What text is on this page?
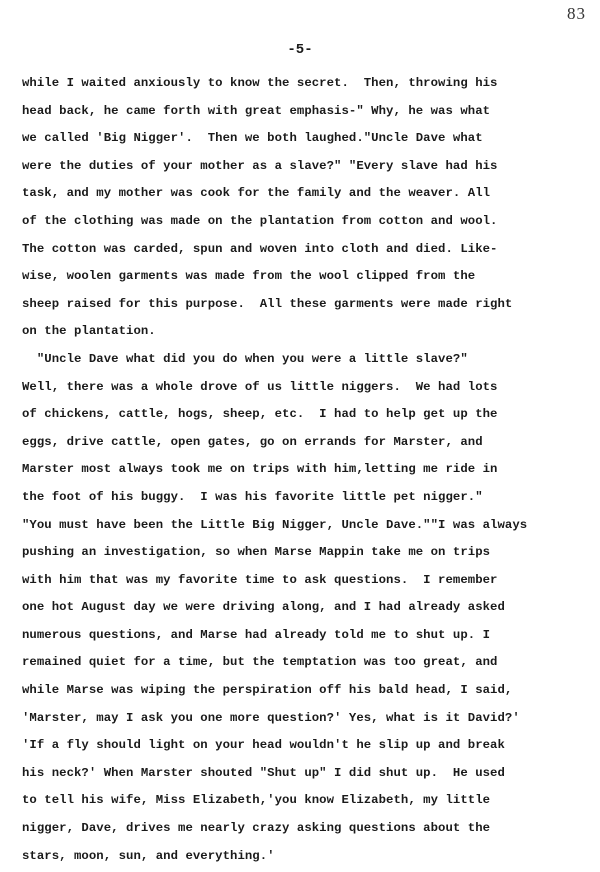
83
-5-
while I waited anxiously to know the secret.  Then, throwing his
head back, he came forth with great emphasis-" Why, he was what
we called 'Big Nigger'.  Then we both laughed."Uncle Dave what
were the duties of your mother as a slave?" "Every slave had his
task, and my mother was cook for the family and the weaver. All
of the clothing was made on the plantation from cotton and wool.
The cotton was carded, spun and woven into cloth and died. Like-
wise, woolen garments was made from the wool clipped from the
sheep raised for this purpose.  All these garments were made right
on the plantation.
"Uncle Dave what did you do when you were a little slave?"
Well, there was a whole drove of us little niggers.  We had lots
of chickens, cattle, hogs, sheep, etc.  I had to help get up the
eggs, drive cattle, open gates, go on errands for Marster, and
Marster most always took me on trips with him,letting me ride in
the foot of his buggy.  I was his favorite little pet nigger."
"You must have been the Little Big Nigger, Uncle Dave.""I was always
pushing an investigation, so when Marse Mappin take me on trips
with him that was my favorite time to ask questions.  I remember
one hot August day we were driving along, and I had already asked
numerous questions, and Marse had already told me to shut up. I
remained quiet for a time, but the temptation was too great, and
while Marse was wiping the perspiration off his bald head, I said,
'Marster, may I ask you one more question?' Yes, what is it David?'
'If a fly should light on your head wouldn't he slip up and break
his neck?' When Marster shouted "Shut up" I did shut up.  He used
to tell his wife, Miss Elizabeth,'you know Elizabeth, my little
nigger, Dave, drives me nearly crazy asking questions about the
stars, moon, sun, and everything.'
